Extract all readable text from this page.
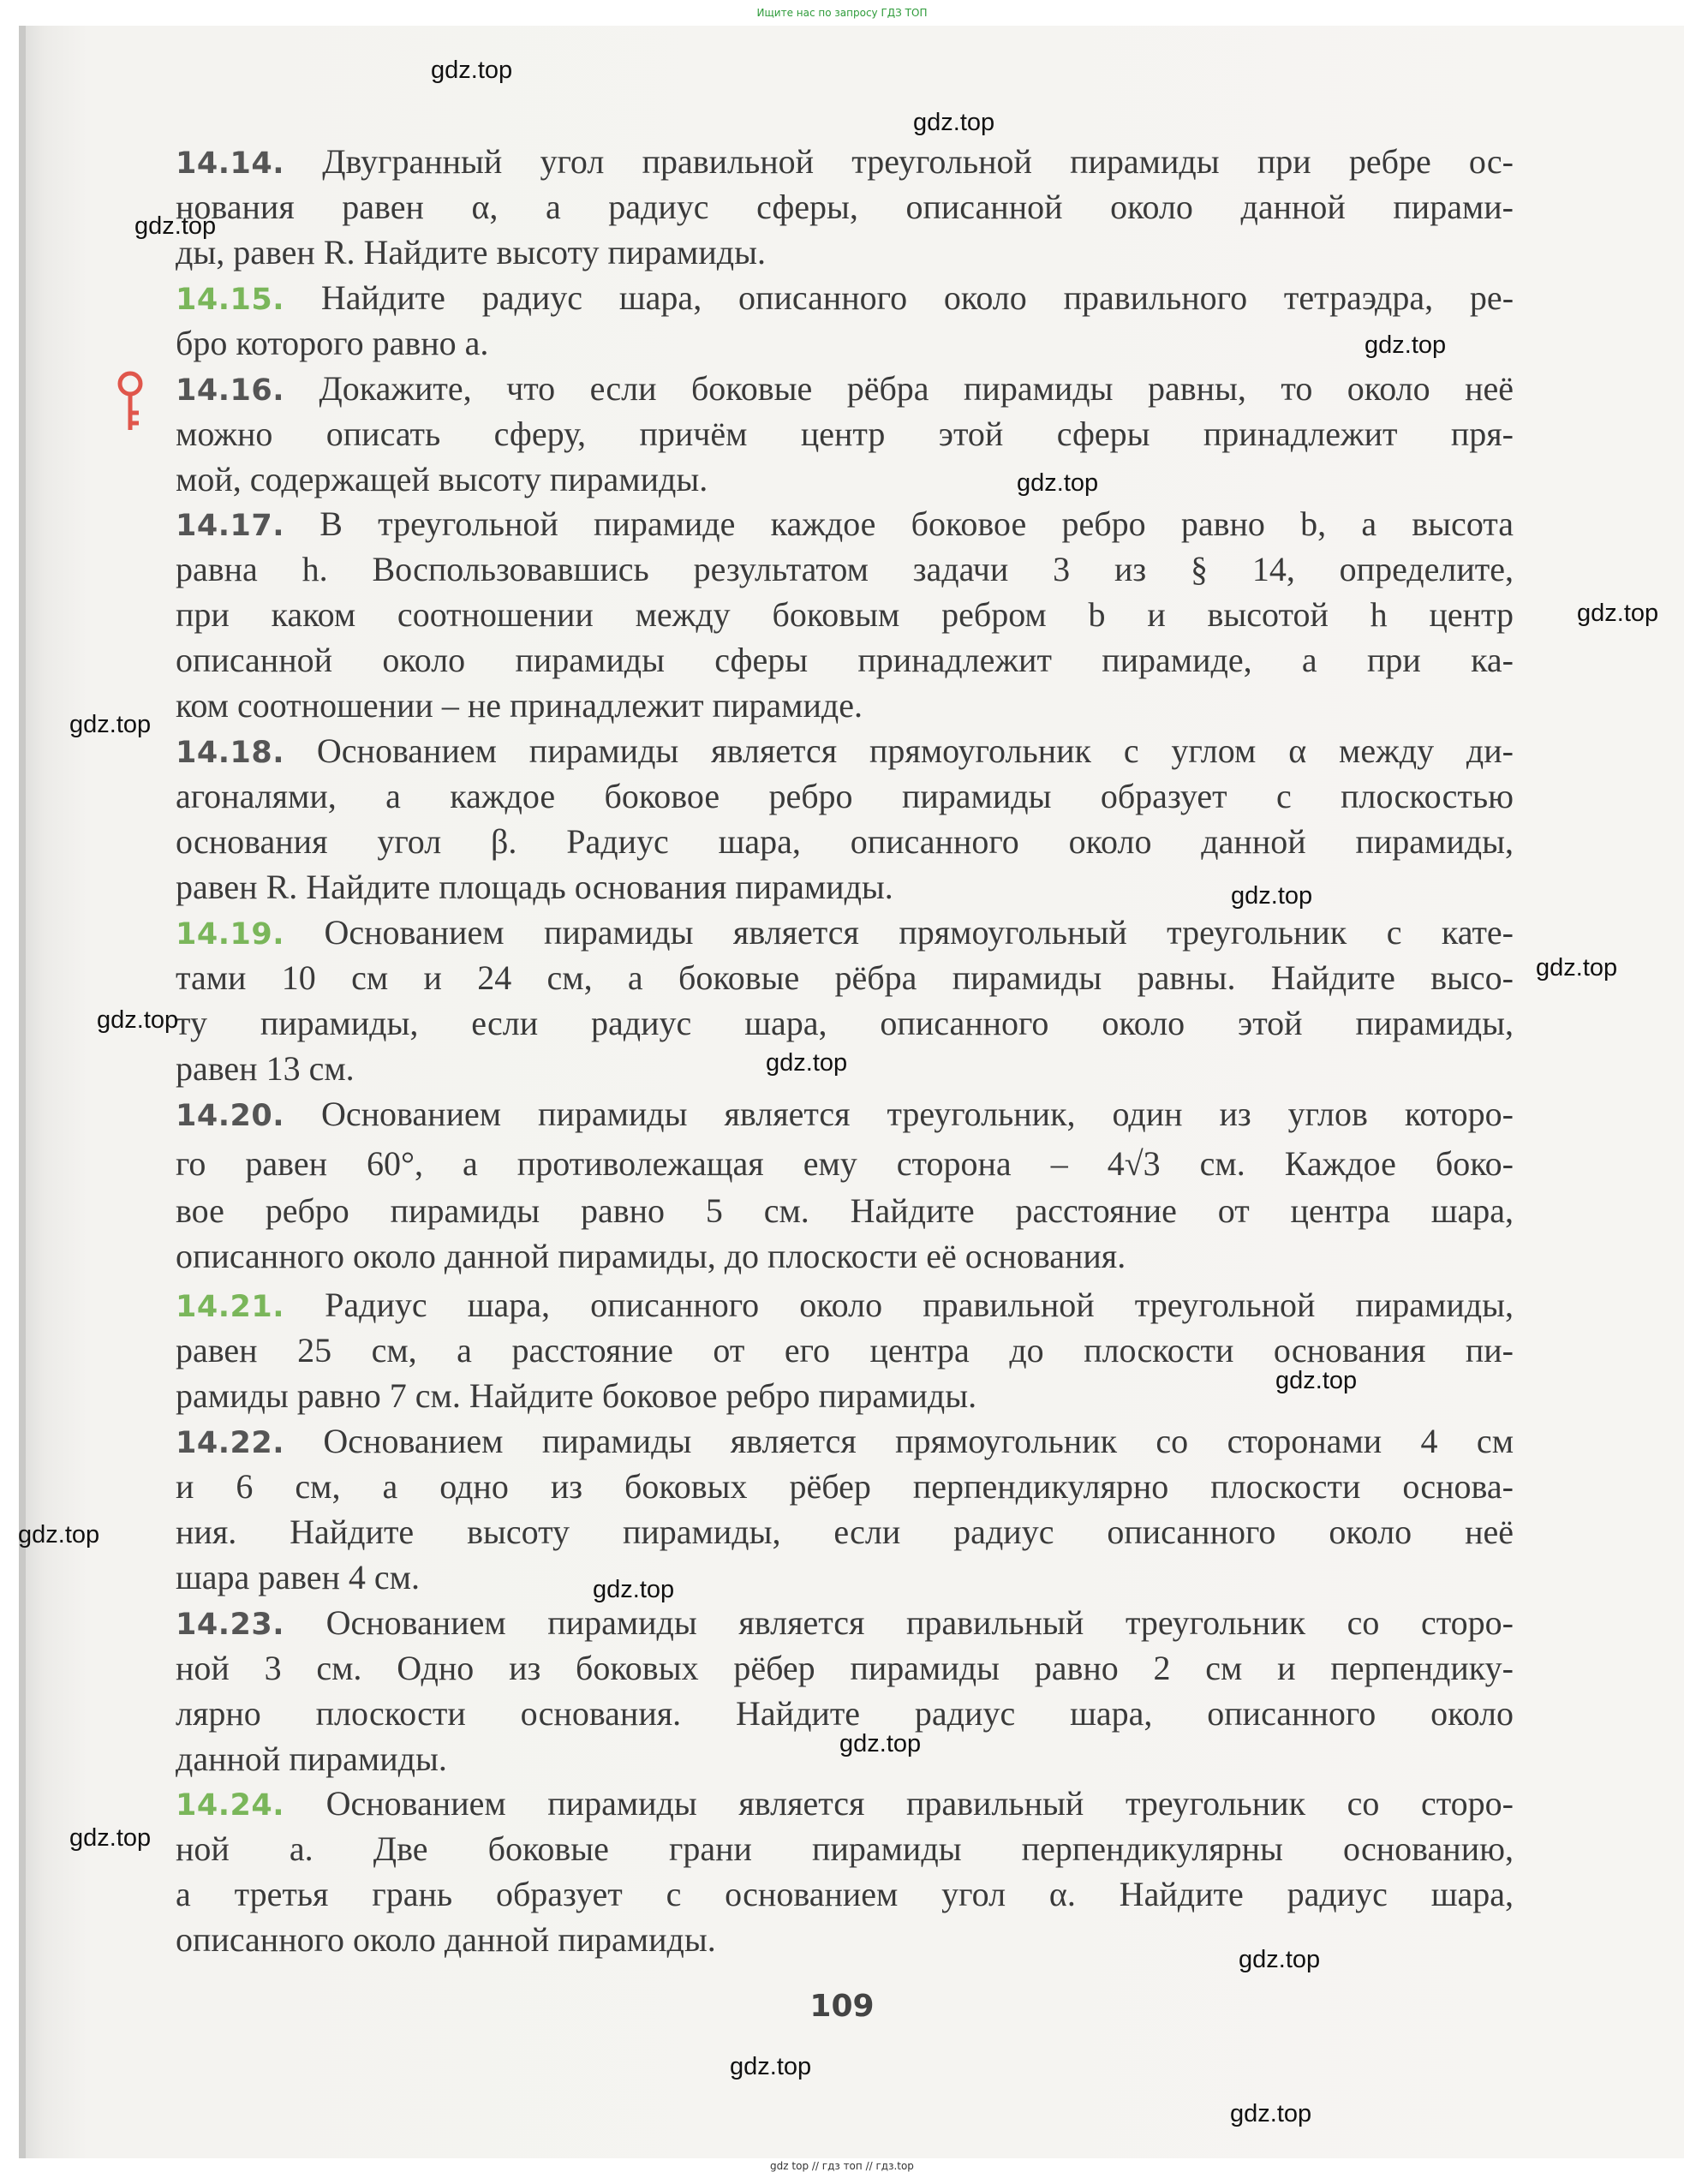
Ищите нас по запросу ГДЗ ТОП
14.14. Двугранный угол правильной треугольной пирамиды при ребре ос-
нования равен α, а радиус сферы, описанной около данной пирами-
ды, равен R. Найдите высоту пирамиды.
14.15. Найдите радиус шара, описанного около правильного тетраэдра, ре-
бро которого равно a.
14.16. Докажите, что если боковые рёбра пирамиды равны, то около неё
можно описать сферу, причём центр этой сферы принадлежит пря-
мой, содержащей высоту пирамиды.
14.17. В треугольной пирамиде каждое боковое ребро равно b, а высота
равна h. Воспользовавшись результатом задачи 3 из § 14, определите,
при каком соотношении между боковым ребром b и высотой h центр
описанной около пирамиды сферы принадлежит пирамиде, а при ка-
ком соотношении – не принадлежит пирамиде.
14.18. Основанием пирамиды является прямоугольник с углом α между ди-
агоналями, а каждое боковое ребро пирамиды образует с плоскостью
основания угол β. Радиус шара, описанного около данной пирамиды,
равен R. Найдите площадь основания пирамиды.
14.19. Основанием пирамиды является прямоугольный треугольник с кате-
тами 10 см и 24 см, а боковые рёбра пирамиды равны. Найдите высо-
ту пирамиды, если радиус шара, описанного около этой пирамиды,
равен 13 см.
14.20. Основанием пирамиды является треугольник, один из углов которо-
го равен 60°, а противолежащая ему сторона – 4√3 см. Каждое боко-
вое ребро пирамиды равно 5 см. Найдите расстояние от центра шара,
описанного около данной пирамиды, до плоскости её основания.
14.21. Радиус шара, описанного около правильной треугольной пирамиды,
равен 25 см, а расстояние от его центра до плоскости основания пи-
рамиды равно 7 см. Найдите боковое ребро пирамиды.
14.22. Основанием пирамиды является прямоугольник со сторонами 4 см
и 6 см, а одно из боковых рёбер перпендикулярно плоскости основа-
ния. Найдите высоту пирамиды, если радиус описанного около неё
шара равен 4 см.
14.23. Основанием пирамиды является правильный треугольник со сторо-
ной 3 см. Одно из боковых рёбер пирамиды равно 2 см и перпендику-
лярно плоскости основания. Найдите радиус шара, описанного около
данной пирамиды.
14.24. Основанием пирамиды является правильный треугольник со сторо-
ной a. Две боковые грани пирамиды перпендикулярны основанию,
а третья грань образует с основанием угол α. Найдите радиус шара,
описанного около данной пирамиды.
109
gdz.top
gdz.top
gdz.top
gdz.top
gdz.top
gdz.top
gdz.top
gdz.top
gdz.top
gdz.top
gdz.top
gdz.top
gdz.top
gdz.top
gdz.top
gdz.top
gdz.top
gdz.top
gdz.top
gdz top // гдз топ // гдз.top
